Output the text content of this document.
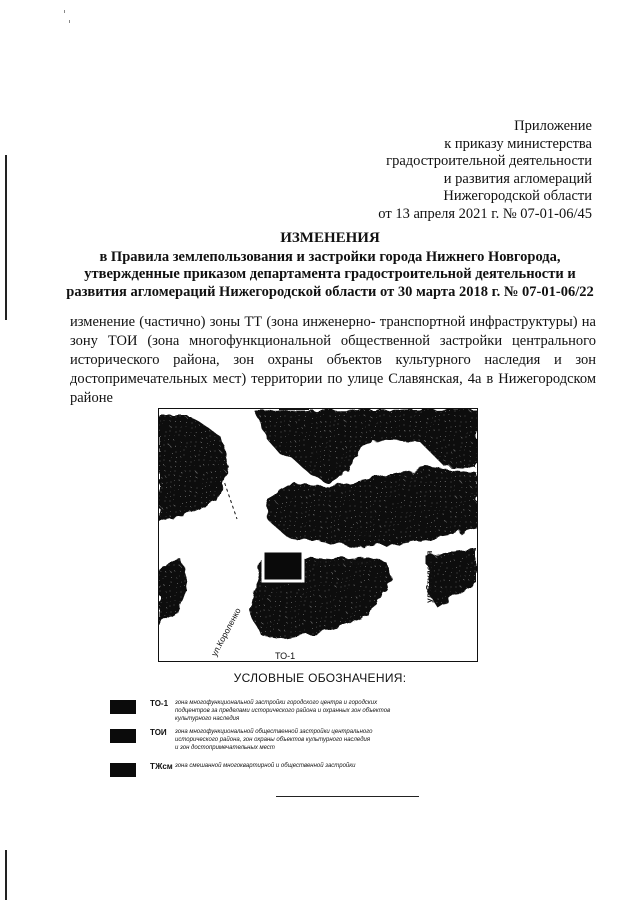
Приложение
к приказу министерства
градостроительной деятельности
и развития агломераций
Нижегородской области
от 13 апреля 2021 г. № 07-01-06/45
ИЗМЕНЕНИЯ
в Правила землепользования и застройки города Нижнего Новгорода,
утвержденные приказом департамента градостроительной деятельности и
развития агломераций Нижегородской области от 30 марта 2018 г. № 07-01-06/22
изменение (частично) зоны ТТ (зона инженерно- транспортной инфраструктуры) на зону ТОИ (зона многофункциональной общественной застройки центрального исторического района, зон охраны объектов культурного наследия и зон достопримечательных мест) территории по улице Славянская, 4а в Нижегородском районе
ТО-1
ТОИ
ТЖсм
ТО-1
ул.Славянская	ул.Студеная
ул.Короленко
УСЛОВНЫЕ ОБОЗНАЧЕНИЯ:
ТО-1 зона многофункциональной застройки городского центра и городских
подцентров за пределами исторического района и охранных зон объектов
культурного наследия
ТОИ зона многофункциональной общественной застройки центрального
исторического района, зон охраны объектов культурного наследия
и зон достопримечательных мест
ТЖсм зона смешанной многоквартирной и общественной застройки
